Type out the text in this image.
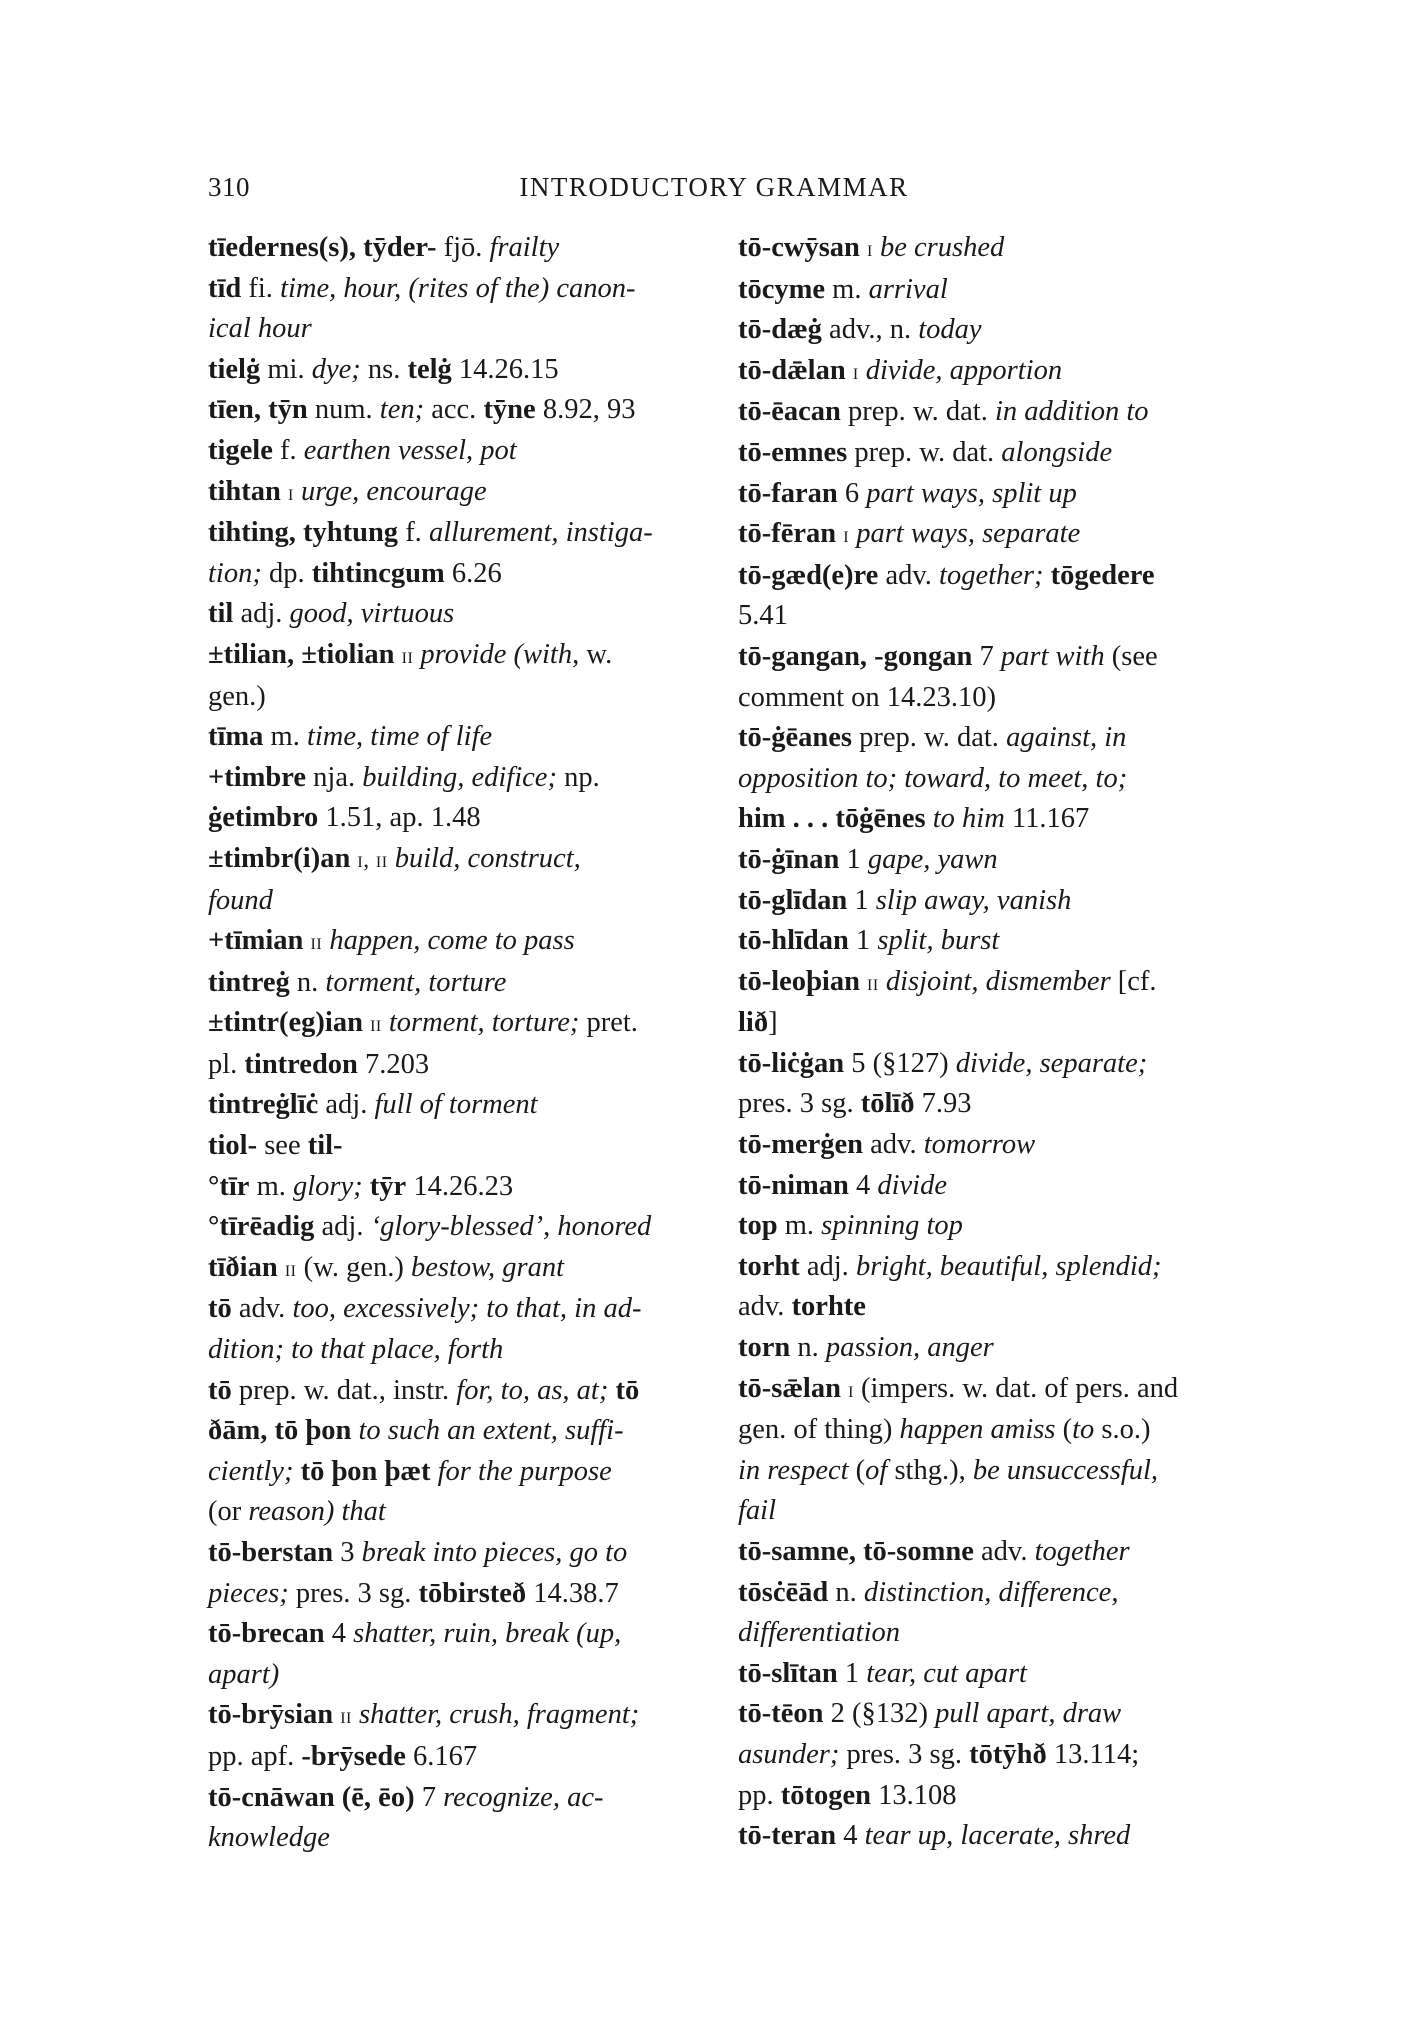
310	INTRODUCTORY GRAMMAR

tīedernes(s), tȳder- fjō. frailty

tīd fi. time, hour, (rites of the) canon-
ical hour

tielġ mi. dye; ns. telġ 14.26.15

tīen, tȳn num. ten; acc. tȳne 8.92, 93

tigele f. earthen vessel, pot

tihtan i urge, encourage

tihting, tyhtung f. allurement, instiga-
tion; dp. tihtincgum 6.26

til adj. good, virtuous

±tilian, ±tiolian ii provide (with, w.
gen.)

tīma m. time, time of life

+timbre nja. building, edifice; np.
ġetimbro 1.51, ap. 1.48

±timbr(i)an i, ii build, construct,
found

+tīmian ii happen, come to pass

tintreġ n. torment, torture

±tintr(eg)ian ii torment, torture; pret.
pl. tintredon 7.203

tintreġlīċ adj. full of torment

tiol- see til-

°tīr m. glory; tȳr 14.26.23

°tīrēadig adj. ‘glory-blessed’, honored

tīðian ii (w. gen.) bestow, grant

tō adv. too, excessively; to that, in ad-
dition; to that place, forth

tō prep. w. dat., instr. for, to, as, at; tō
ðām, tō þon to such an extent, suffi-
ciently; tō þon þæt for the purpose
(or reason) that

tō-berstan 3 break into pieces, go to
pieces; pres. 3 sg. tōbirsteð 14.38.7

tō-brecan 4 shatter, ruin, break (up,
apart)

tō-brȳsian ii shatter, crush, fragment;
pp. apf. -brȳsede 6.167

tō-cnāwan (ē, ēo) 7 recognize, ac-
knowledge

tō-cwȳsan i be crushed

tōcyme m. arrival

tō-dæġ adv., n. today

tō-dǣlan i divide, apportion

tō-ēacan prep. w. dat. in addition to

tō-emnes prep. w. dat. alongside

tō-faran 6 part ways, split up

tō-fēran i part ways, separate

tō-gæd(e)re adv. together; tōgedere
5.41

tō-gangan, -gongan 7 part with (see
comment on 14.23.10)

tō-ġēanes prep. w. dat. against, in
opposition to; toward, to meet, to;
him . . . tōġēnes to him 11.167

tō-ġīnan 1 gape, yawn

tō-glīdan 1 slip away, vanish

tō-hlīdan 1 split, burst

tō-leoþian ii disjoint, dismember [cf.
lið]

tō-liċġan 5 (§127) divide, separate;
pres. 3 sg. tōlīð 7.93

tō-merġen adv. tomorrow

tō-niman 4 divide

top m. spinning top

torht adj. bright, beautiful, splendid;
adv. torhte

torn n. passion, anger

tō-sǣlan i (impers. w. dat. of pers. and
gen. of thing) happen amiss (to s.o.)
in respect (of sthg.), be unsuccessful,
fail

tō-samne, tō-somne adv. together

tōsċēād n. distinction, difference,
differentiation

tō-slītan 1 tear, cut apart

tō-tēon 2 (§132) pull apart, draw
asunder; pres. 3 sg. tōtȳhð 13.114;
pp. tōtogen 13.108

tō-teran 4 tear up, lacerate, shred
